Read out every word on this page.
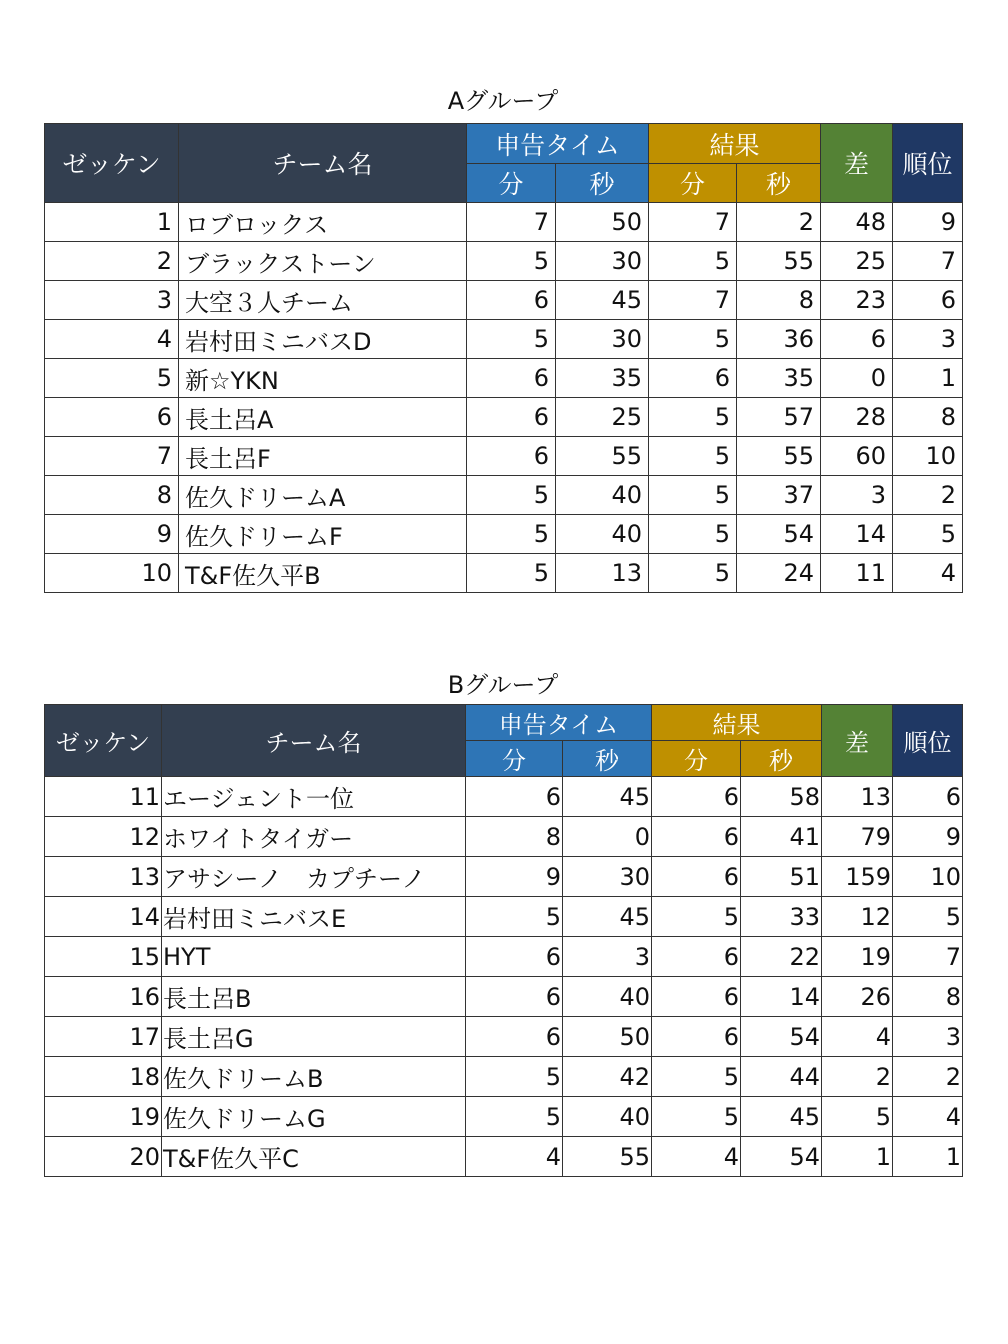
Aグループ
ゼッケン	チーム名	申告タイム		結果		差	順位
		分	秒	分	秒		
1	ロブロックス	7	50	7	2	48	9
2	ブラックストーン	5	30	5	55	25	7
3	大空３人チーム	6	45	7	8	23	6
4	岩村田ミニバスD	5	30	5	36	6	3
5	新☆YKN	6	35	6	35	0	1
6	長土呂A	6	25	5	57	28	8
7	長土呂F	6	55	5	55	60	10
8	佐久ドリームA	5	40	5	37	3	2
9	佐久ドリームF	5	40	5	54	14	5
10	T&F佐久平B	5	13	5	24	11	4
Bグループ
ゼッケン	チーム名	申告タイム		結果		差	順位
		分	秒	分	秒		
11	エージェント一位	6	45	6	58	13	6
12	ホワイトタイガー	8	0	6	41	79	9
13	アサシーノ　カプチーノ	9	30	6	51	159	10
14	岩村田ミニバスE	5	45	5	33	12	5
15	HYT	6	3	6	22	19	7
16	長土呂B	6	40	6	14	26	8
17	長土呂G	6	50	6	54	4	3
18	佐久ドリームB	5	42	5	44	2	2
19	佐久ドリームG	5	40	5	45	5	4
20	T&F佐久平C	4	55	4	54	1	1
